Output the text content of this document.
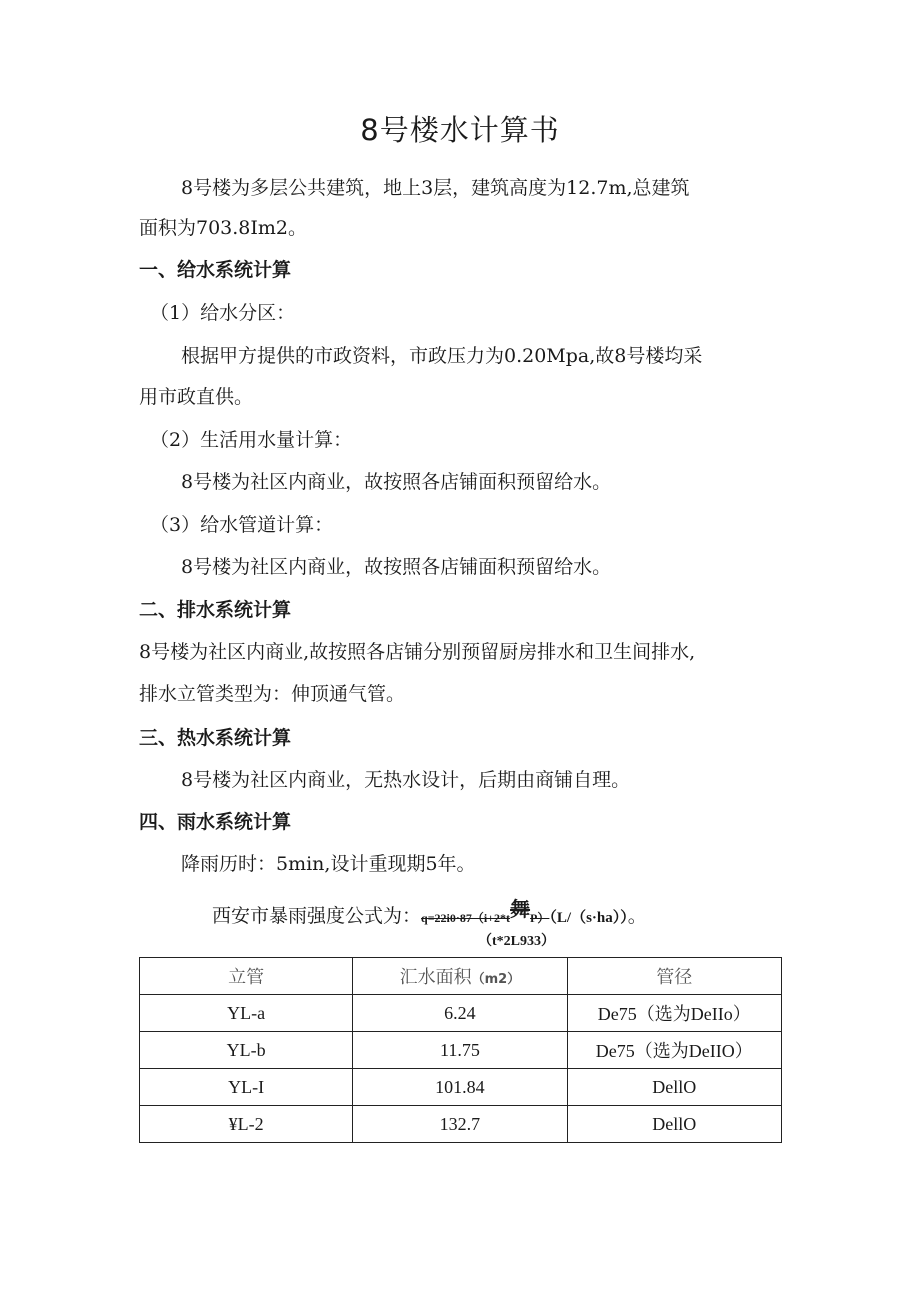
8号楼水计算书
8号楼为多层公共建筑，地上3层，建筑高度为12.7m,总建筑
面积为703.8Im2。
一、给水系统计算
（1）给水分区：
根据甲方提供的市政资料，市政压力为0.20Mpa,故8号楼均采
用市政直供。
（2）生活用水量计算：
8号楼为社区内商业，故按照各店铺面积预留给水。
（3）给水管道计算：
8号楼为社区内商业，故按照各店铺面积预留给水。
二、排水系统计算
8号楼为社区内商业,故按照各店铺分别预留厨房排水和卫生间排水,
排水立管类型为：伸顶通气管。
三、热水系统计算
8号楼为社区内商业，无热水设计，后期由商铺自理。
四、雨水系统计算
降雨历时：5min,设计重现期5年。
西安市暴雨强度公式为：q=22i0·87（i+2*t舞P）（L/（s·ha））。
（t*2L933）
立管	汇水面积（m2）	管径
YL-a	6.24	De75（选为DeIIo）
YL-b	11.75	De75（选为DeIIO）
YL-I	101.84	DellO
¥L-2	132.7	DellO
